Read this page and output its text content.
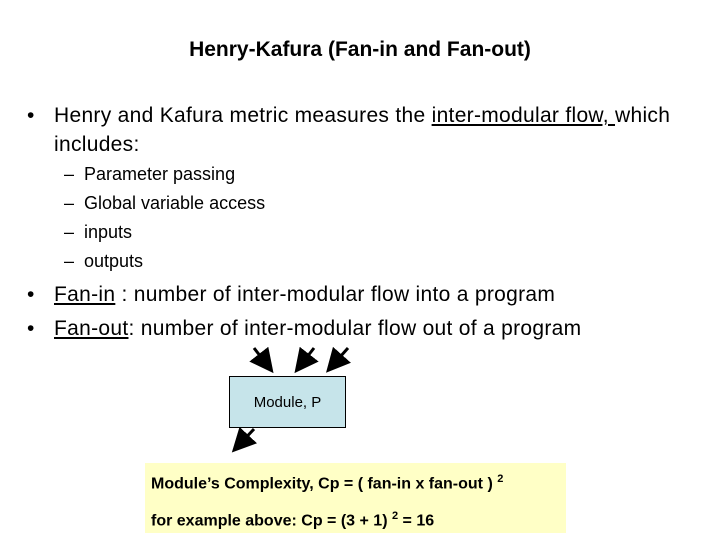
Henry-Kafura (Fan-in and Fan-out)
• Henry and Kafura metric measures the inter-modular flow, which includes:
– Parameter passing
– Global variable access
– inputs
– outputs
• Fan-in : number of inter-modular flow into a program
• Fan-out: number of inter-modular flow out of a program
Module, P
Module’s Complexity, Cp = ( fan-in x fan-out ) $^2$
for example above: Cp = (3 + 1) $^2$ = 16
